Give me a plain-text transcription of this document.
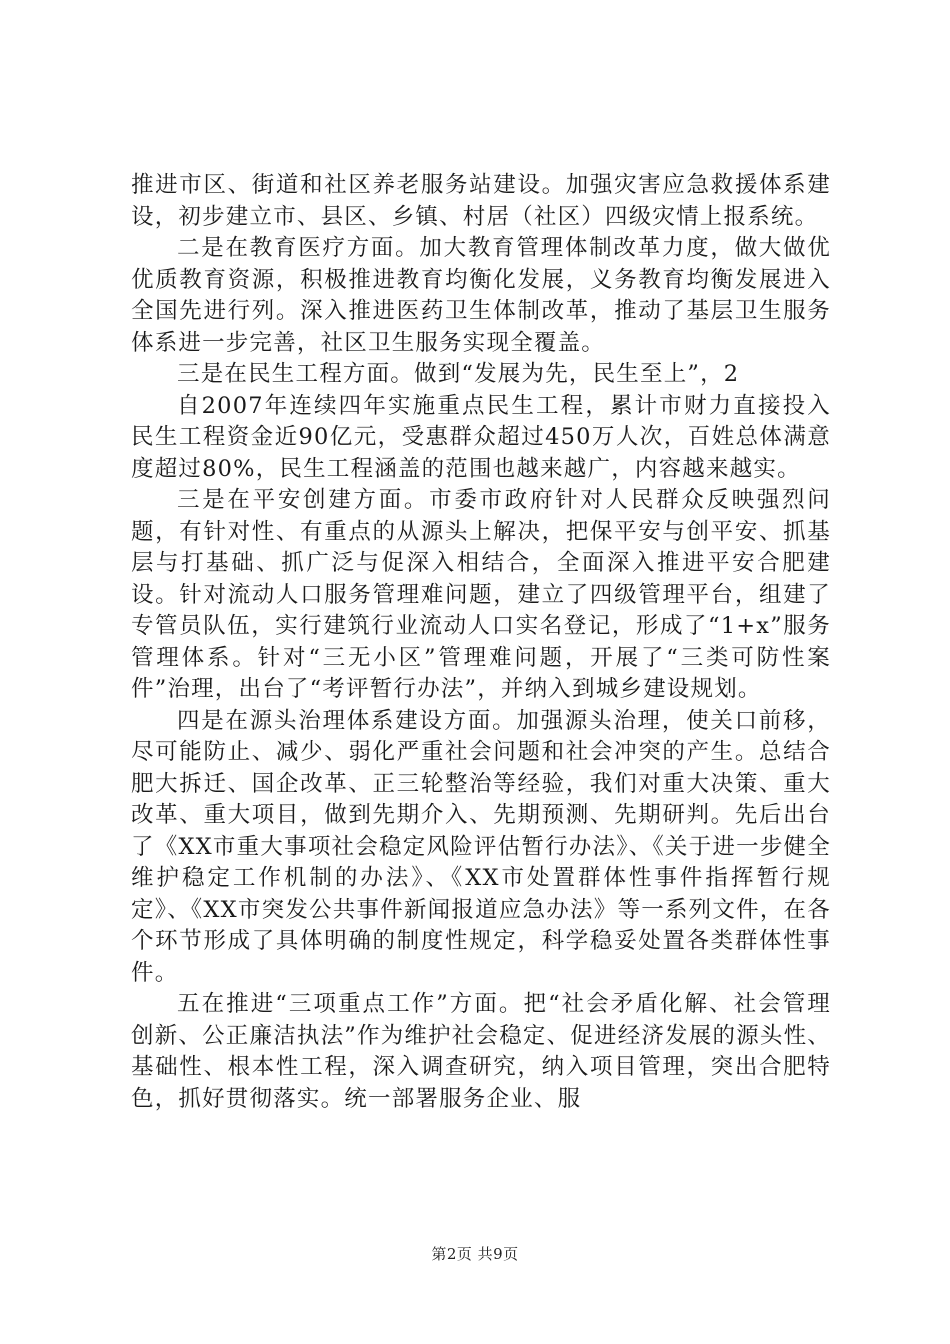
推进市区、街道和社区养老服务站建设。加强灾害应急救援体系建设，初步建立市、县区、乡镇、村居（社区）四级灾情上报系统。

二是在教育医疗方面。加大教育管理体制改革力度，做大做优优质教育资源，积极推进教育均衡化发展，义务教育均衡发展进入全国先进行列。深入推进医药卫生体制改革，推动了基层卫生服务体系进一步完善，社区卫生服务实现全覆盖。

三是在民生工程方面。做到“发展为先，民生至上”，2

自2007年连续四年实施重点民生工程，累计市财力直接投入民生工程资金近90亿元，受惠群众超过450万人次，百姓总体满意度超过80%，民生工程涵盖的范围也越来越广，内容越来越实。

三是在平安创建方面。市委市政府针对人民群众反映强烈问题，有针对性、有重点的从源头上解决，把保平安与创平安、抓基层与打基础、抓广泛与促深入相结合，全面深入推进平安合肥建设。针对流动人口服务管理难问题，建立了四级管理平台，组建了专管员队伍，实行建筑行业流动人口实名登记，形成了“1+x”服务管理体系。针对“三无小区”管理难问题，开展了“三类可防性案件”治理，出台了“考评暂行办法”，并纳入到城乡建设规划。

四是在源头治理体系建设方面。加强源头治理，使关口前移，尽可能防止、减少、弱化严重社会问题和社会冲突的产生。总结合肥大拆迁、国企改革、正三轮整治等经验，我们对重大决策、重大改革、重大项目，做到先期介入、先期预测、先期研判。先后出台了《XX市重大事项社会稳定风险评估暂行办法》、《关于进一步健全维护稳定工作机制的办法》、《XX市处置群体性事件指挥暂行规定》、《XX市突发公共事件新闻报道应急办法》等一系列文件，在各个环节形成了具体明确的制度性规定，科学稳妥处置各类群体性事件。

五在推进“三项重点工作”方面。把“社会矛盾化解、社会管理创新、公正廉洁执法”作为维护社会稳定、促进经济发展的源头性、基础性、根本性工程，深入调查研究，纳入项目管理，突出合肥特色，抓好贯彻落实。统一部署服务企业、服

第2页 共9页
